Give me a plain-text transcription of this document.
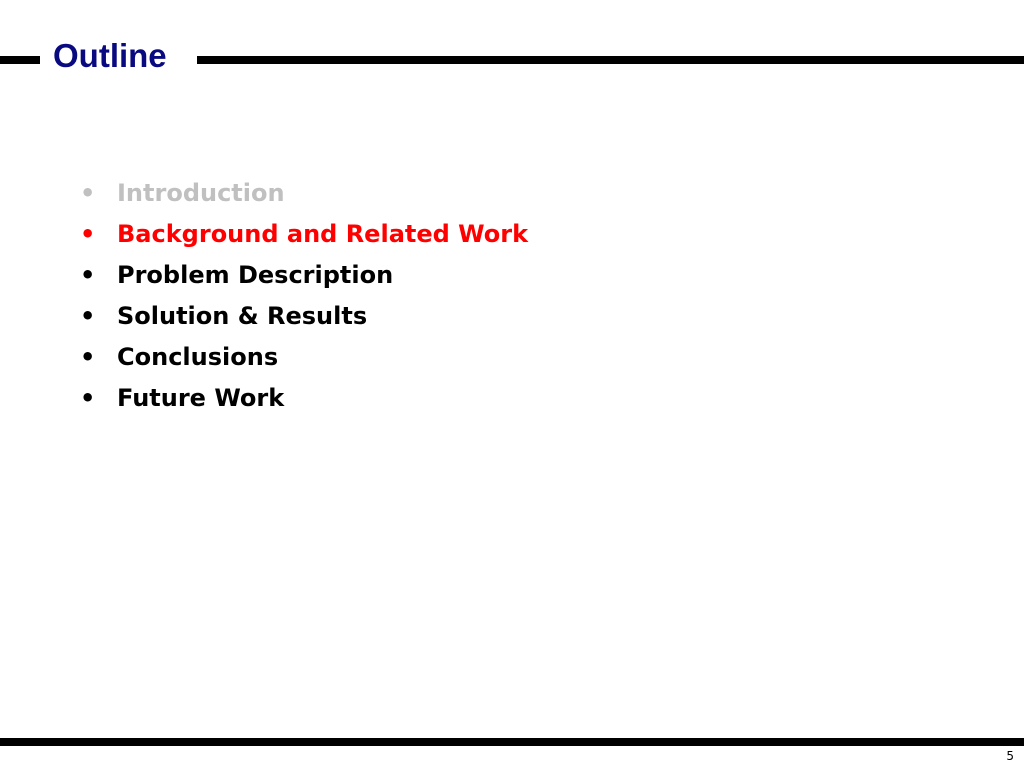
Outline
• Introduction
• Background and Related Work
• Problem Description
• Solution & Results
• Conclusions
• Future Work
5
